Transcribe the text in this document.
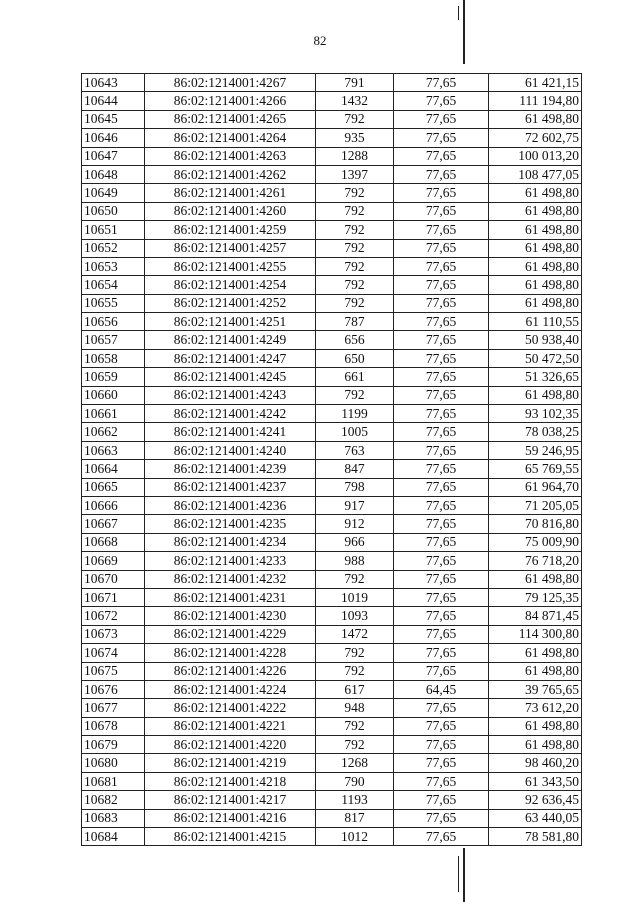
82
10643	86:02:1214001:4267	791	77,65	61 421,15
10644	86:02:1214001:4266	1432	77,65	111 194,80
10645	86:02:1214001:4265	792	77,65	61 498,80
10646	86:02:1214001:4264	935	77,65	72 602,75
10647	86:02:1214001:4263	1288	77,65	100 013,20
10648	86:02:1214001:4262	1397	77,65	108 477,05
10649	86:02:1214001:4261	792	77,65	61 498,80
10650	86:02:1214001:4260	792	77,65	61 498,80
10651	86:02:1214001:4259	792	77,65	61 498,80
10652	86:02:1214001:4257	792	77,65	61 498,80
10653	86:02:1214001:4255	792	77,65	61 498,80
10654	86:02:1214001:4254	792	77,65	61 498,80
10655	86:02:1214001:4252	792	77,65	61 498,80
10656	86:02:1214001:4251	787	77,65	61 110,55
10657	86:02:1214001:4249	656	77,65	50 938,40
10658	86:02:1214001:4247	650	77,65	50 472,50
10659	86:02:1214001:4245	661	77,65	51 326,65
10660	86:02:1214001:4243	792	77,65	61 498,80
10661	86:02:1214001:4242	1199	77,65	93 102,35
10662	86:02:1214001:4241	1005	77,65	78 038,25
10663	86:02:1214001:4240	763	77,65	59 246,95
10664	86:02:1214001:4239	847	77,65	65 769,55
10665	86:02:1214001:4237	798	77,65	61 964,70
10666	86:02:1214001:4236	917	77,65	71 205,05
10667	86:02:1214001:4235	912	77,65	70 816,80
10668	86:02:1214001:4234	966	77,65	75 009,90
10669	86:02:1214001:4233	988	77,65	76 718,20
10670	86:02:1214001:4232	792	77,65	61 498,80
10671	86:02:1214001:4231	1019	77,65	79 125,35
10672	86:02:1214001:4230	1093	77,65	84 871,45
10673	86:02:1214001:4229	1472	77,65	114 300,80
10674	86:02:1214001:4228	792	77,65	61 498,80
10675	86:02:1214001:4226	792	77,65	61 498,80
10676	86:02:1214001:4224	617	64,45	39 765,65
10677	86:02:1214001:4222	948	77,65	73 612,20
10678	86:02:1214001:4221	792	77,65	61 498,80
10679	86:02:1214001:4220	792	77,65	61 498,80
10680	86:02:1214001:4219	1268	77,65	98 460,20
10681	86:02:1214001:4218	790	77,65	61 343,50
10682	86:02:1214001:4217	1193	77,65	92 636,45
10683	86:02:1214001:4216	817	77,65	63 440,05
10684	86:02:1214001:4215	1012	77,65	78 581,80
